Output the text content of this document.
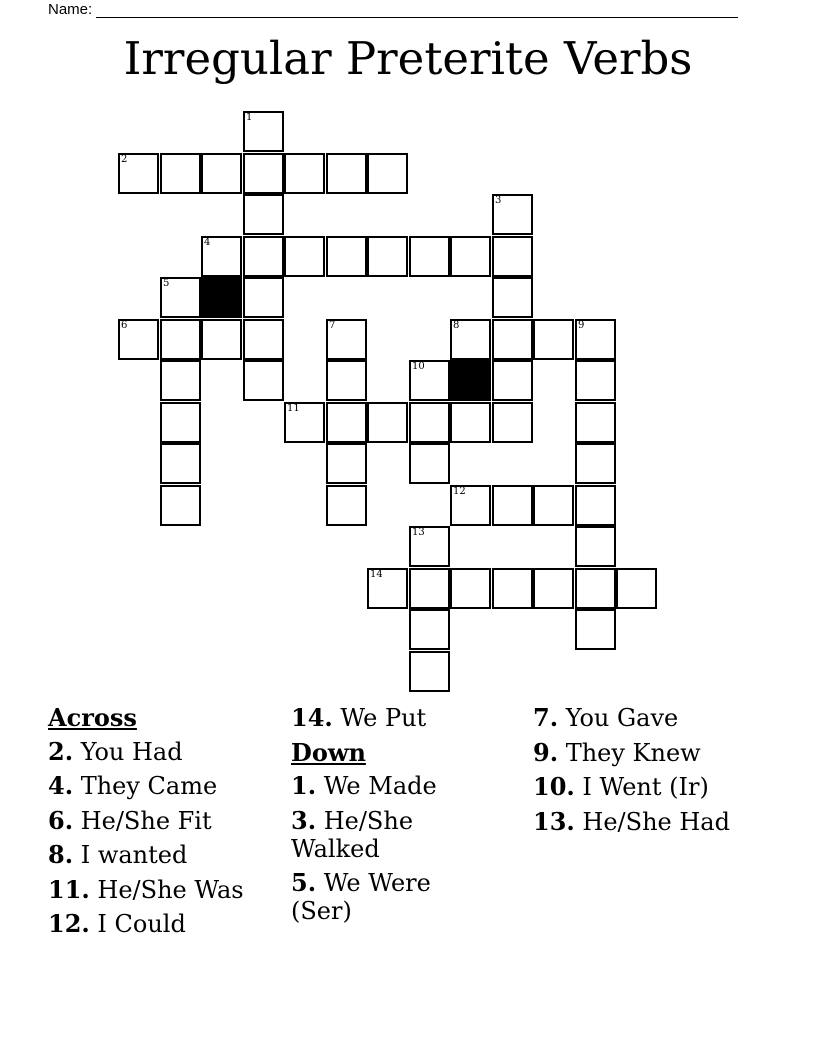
Name:
Irregular Preterite Verbs
1
2
3
4
5
6	7	8	9
10
11
12
13
14
Across
2. You Had
4. They Came
6. He/She Fit
8. I wanted
11. He/She Was
12. I Could
14. We Put
Down
1. We Made
3. He/She Walked
5. We Were (Ser)
7. You Gave
9. They Knew
10. I Went (Ir)
13. He/She Had
